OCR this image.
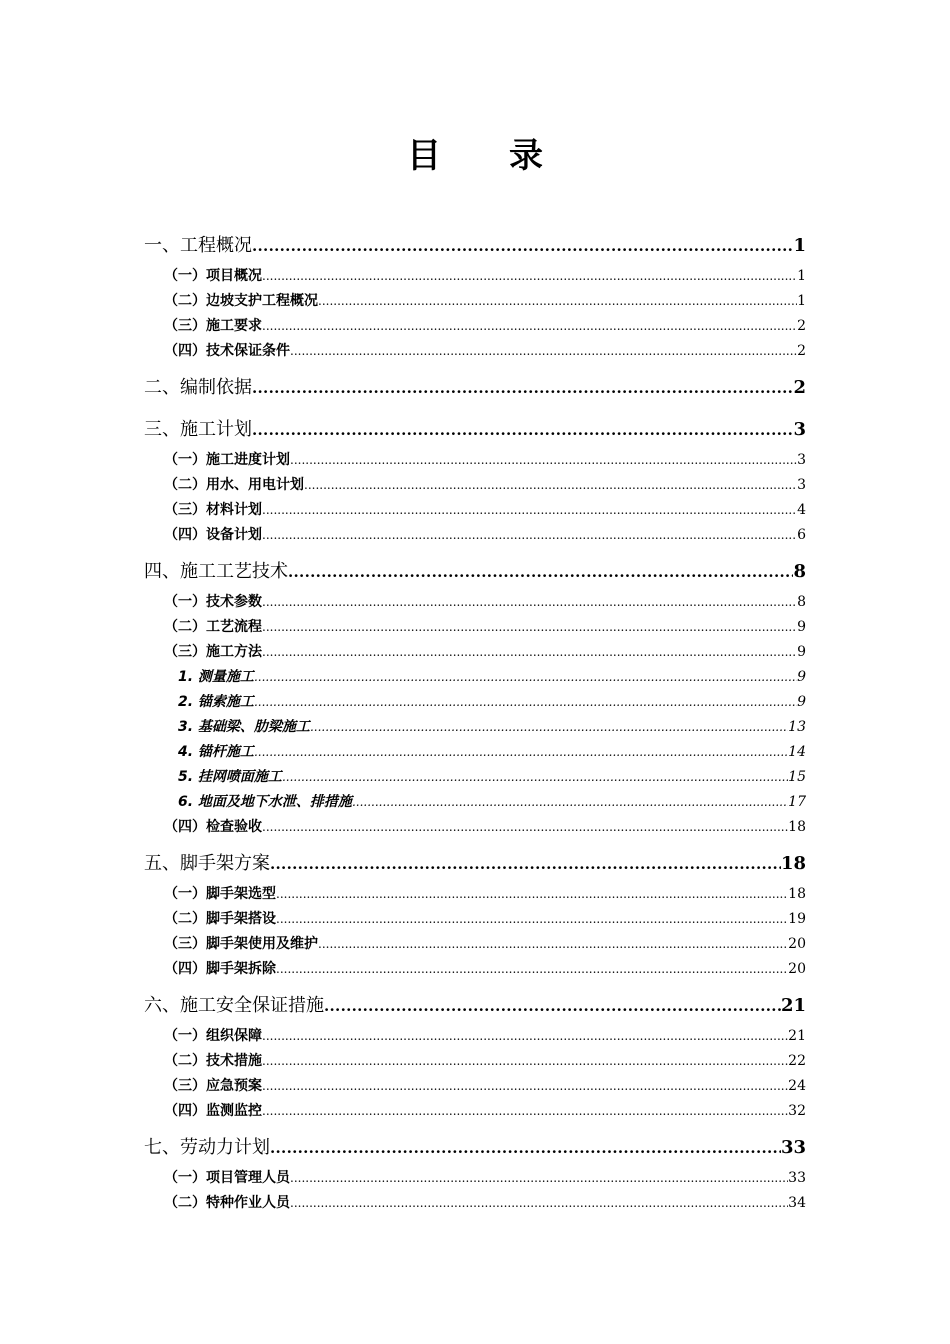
目　　录
一、工程概况 .....	1
（一）项目概况 .....	1
（二）边坡支护工程概况 .....	1
（三）施工要求 .....	2
（四）技术保证条件 .....	2
二、编制依据 .....	2
三、施工计划 .....	3
（一）施工进度计划 .....	3
（二）用水、用电计划 .....	3
（三）材料计划 .....	4
（四）设备计划 .....	6
四、施工工艺技术 .....	8
（一）技术参数 .....	8
（二）工艺流程 .....	9
（三）施工方法 .....	9
1. 测量施工 .....	9
2. 锚索施工 .....	9
3. 基础梁、肋梁施工 .....	13
4. 锚杆施工 .....	14
5. 挂网喷面施工 .....	15
6. 地面及地下水泄、排措施 .....	17
（四）检查验收 .....	18
五、脚手架方案 .....	18
（一）脚手架选型 .....	18
（二）脚手架搭设 .....	19
（三）脚手架使用及维护 .....	20
（四）脚手架拆除 .....	20
六、施工安全保证措施 .....	21
（一）组织保障 .....	21
（二）技术措施 .....	22
（三）应急预案 .....	24
（四）监测监控 .....	32
七、劳动力计划 .....	33
（一）项目管理人员 .....	33
（二）特种作业人员 .....	34
